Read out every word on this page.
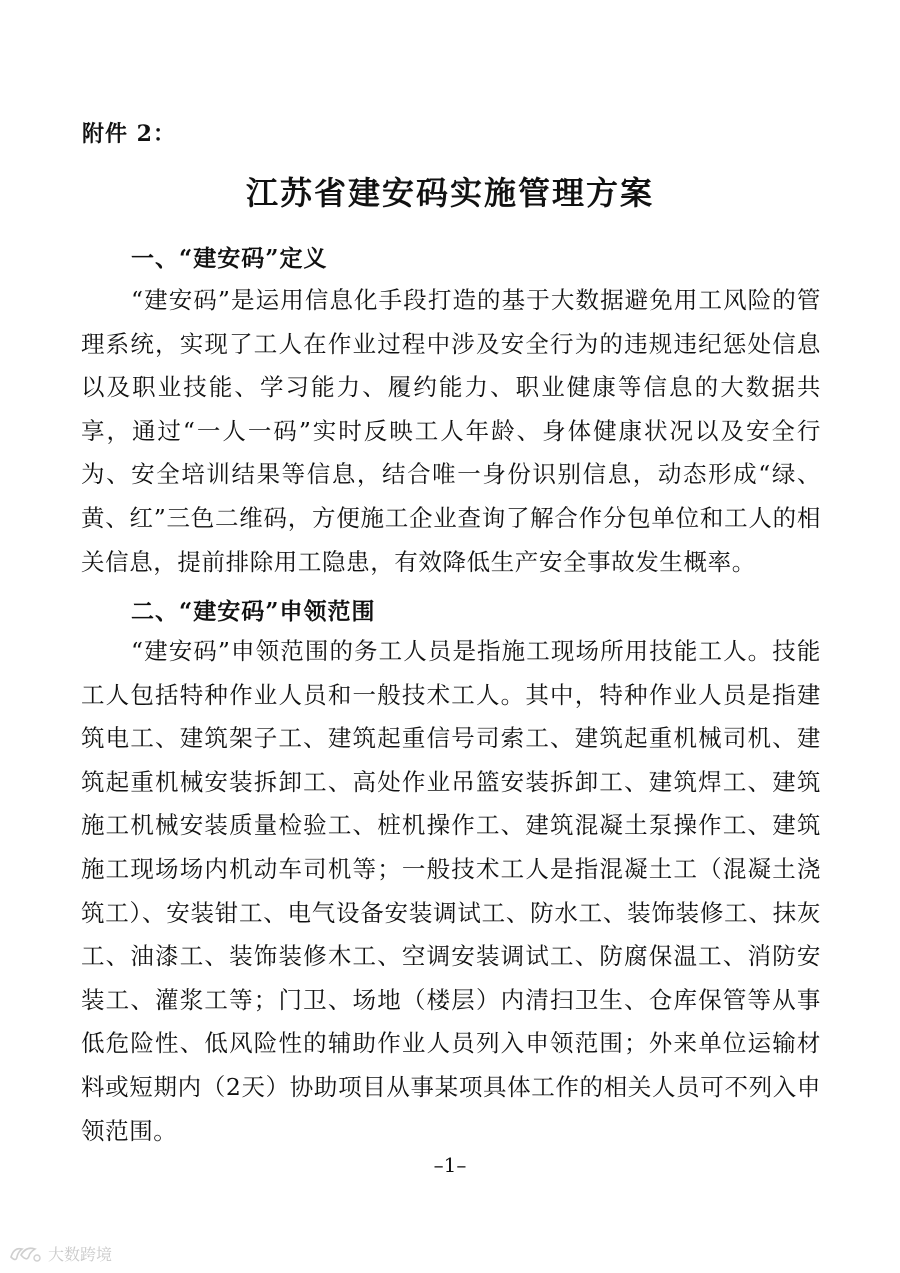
附件 2：
江苏省建安码实施管理方案
一、“建安码”定义
“建安码”是运用信息化手段打造的基于大数据避免用工风险的管理系统，实现了工人在作业过程中涉及安全行为的违规违纪惩处信息以及职业技能、学习能力、履约能力、职业健康等信息的大数据共享，通过“一人一码”实时反映工人年龄、身体健康状况以及安全行为、安全培训结果等信息，结合唯一身份识别信息，动态形成“绿、黄、红”三色二维码，方便施工企业查询了解合作分包单位和工人的相关信息，提前排除用工隐患，有效降低生产安全事故发生概率。
二、“建安码”申领范围
“建安码”申领范围的务工人员是指施工现场所用技能工人。技能工人包括特种作业人员和一般技术工人。其中，特种作业人员是指建筑电工、建筑架子工、建筑起重信号司索工、建筑起重机械司机、建筑起重机械安装拆卸工、高处作业吊篮安装拆卸工、建筑焊工、建筑施工机械安装质量检验工、桩机操作工、建筑混凝土泵操作工、建筑施工现场场内机动车司机等；一般技术工人是指混凝土工（混凝土浇筑工）、安装钳工、电气设备安装调试工、防水工、装饰装修工、抹灰工、油漆工、装饰装修木工、空调安装调试工、防腐保温工、消防安装工、灌浆工等；门卫、场地（楼层）内清扫卫生、仓库保管等从事低危险性、低风险性的辅助作业人员列入申领范围；外来单位运输材料或短期内（2天）协助项目从事某项具体工作的相关人员可不列入申领范围。
–1–
大数跨境
